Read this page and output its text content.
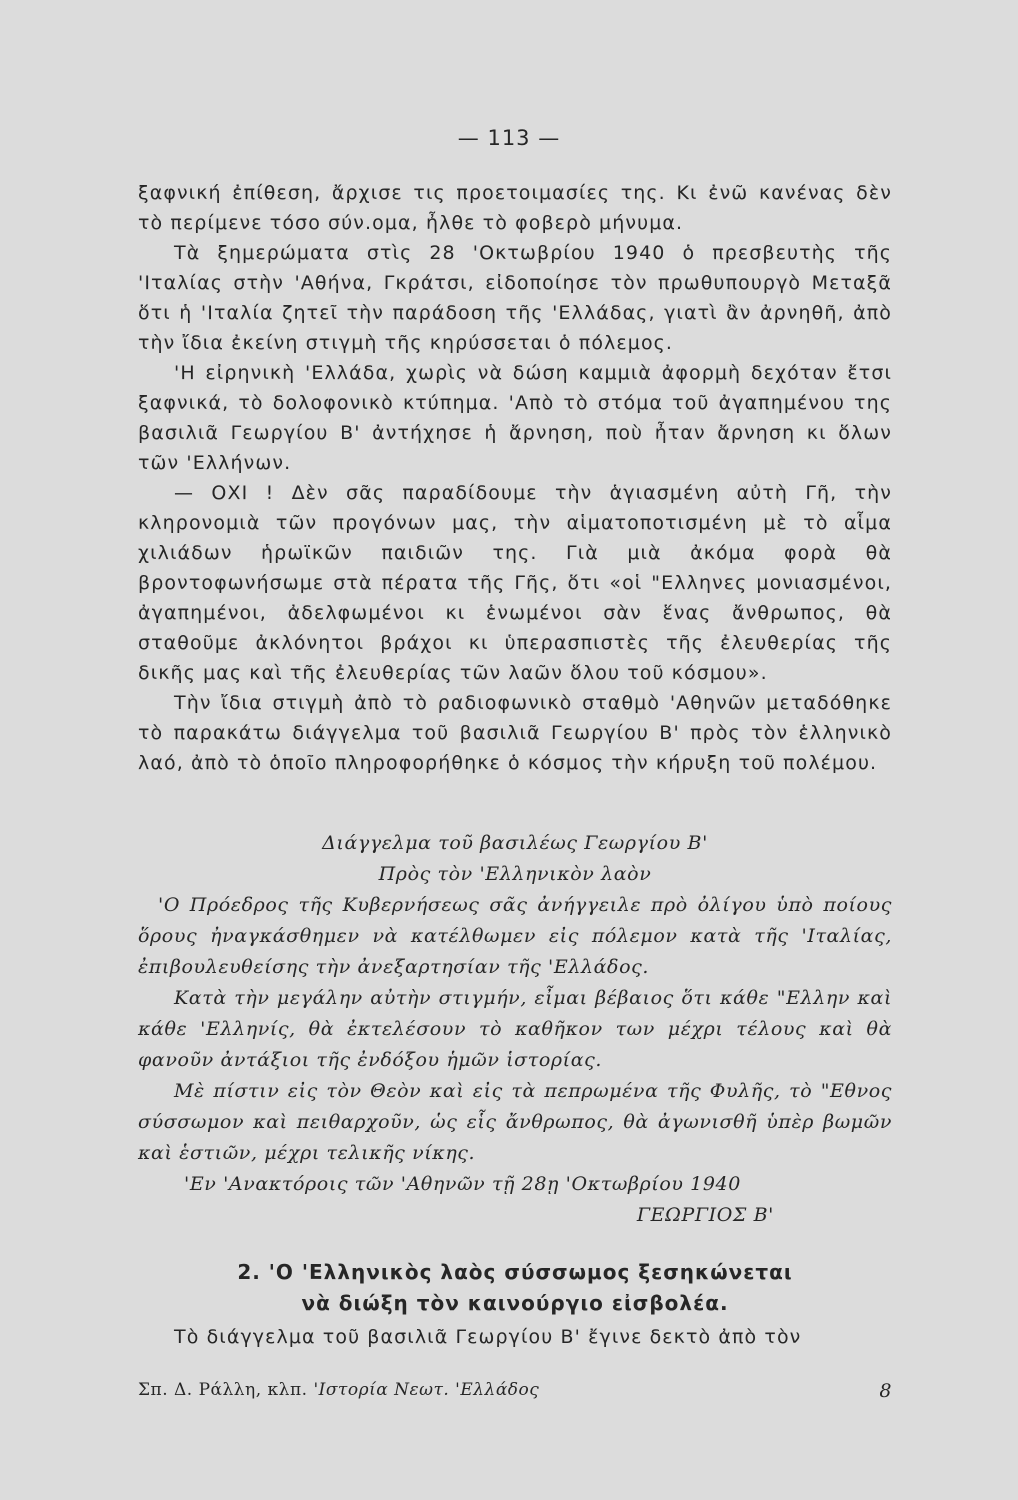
— 113 —

ξαφνική ἐπίθεση, ἄρχισε τις προετοιμασίες της. Κι ἐνῶ κανένας δὲν τὸ περίμενε τόσο σύν.ομα, ἦλθε τὸ φοβερὸ μήνυμα.

Τὰ ξημερώματα στὶς 28 'Οκτωβρίου 1940 ὁ πρεσβευτὴς τῆς 'Ιταλίας στὴν 'Αθήνα, Γκράτσι, εἰδοποίησε τὸν πρωθυπουργὸ Μεταξᾶ ὅτι ἡ 'Ιταλία ζητεῖ τὴν παράδοση τῆς 'Ελλάδας, γιατὶ ἂν ἀρνηθῆ, ἀπὸ τὴν ἴδια ἐκείνη στιγμὴ τῆς κηρύσσεται ὁ πόλεμος.

'Η εἰρηνικὴ 'Ελλάδα, χωρὶς νὰ δώση καμμιὰ ἀφορμὴ δεχόταν ἔτσι ξαφνικά, τὸ δολοφονικὸ κτύπημα. 'Απὸ τὸ στόμα τοῦ ἀγαπημένου της βασιλιᾶ Γεωργίου Β' ἀντήχησε ἡ ἄρνηση, ποὺ ἦταν ἄρνηση κι ὅλων τῶν 'Ελλήνων.

— ΟΧΙ ! Δὲν σᾶς παραδίδουμε τὴν ἁγιασμένη αὐτὴ Γῆ, τὴν κληρονομιὰ τῶν προγόνων μας, τὴν αἱματοποτισμένη μὲ τὸ αἷμα χιλιάδων ἡρωϊκῶν παιδιῶν της. Γιὰ μιὰ ἀκόμα φορὰ θὰ βροντοφωνήσωμε στὰ πέρατα τῆς Γῆς, ὅτι «οἱ "Ελληνες μονιασμένοι, ἀγαπημένοι, ἀδελφωμένοι κι ἑνωμένοι σὰν ἕνας ἄνθρωπος, θὰ σταθοῦμε ἀκλόνητοι βράχοι κι ὑπερασπιστὲς τῆς ἐλευθερίας τῆς δικῆς μας καὶ τῆς ἐλευθερίας τῶν λαῶν ὅλου τοῦ κόσμου».

Τὴν ἴδια στιγμὴ ἀπὸ τὸ ραδιοφωνικὸ σταθμὸ 'Αθηνῶν μεταδόθηκε τὸ παρακάτω διάγγελμα τοῦ βασιλιᾶ Γεωργίου Β' πρὸς τὸν ἑλληνικὸ λαό, ἀπὸ τὸ ὁποῖο πληροφορήθηκε ὁ κόσμος τὴν κήρυξη τοῦ πολέμου.

Διάγγελμα τοῦ βασιλέως Γεωργίου Β'

Πρὸς τὸν 'Ελληνικὸν λαὸν

'Ο Πρόεδρος τῆς Κυβερνήσεως σᾶς ἀνήγγειλε πρὸ ὀλίγου ὑπὸ ποίους ὅρους ἠναγκάσθημεν νὰ κατέλθωμεν εἰς πόλεμον κατὰ τῆς 'Ιταλίας, ἐπιβουλευθείσης τὴν ἀνεξαρτησίαν τῆς 'Ελλάδος.

Κατὰ τὴν μεγάλην αὐτὴν στιγμήν, εἶμαι βέβαιος ὅτι κάθε "Ελλην καὶ κάθε 'Ελληνίς, θὰ ἐκτελέσουν τὸ καθῆκον των μέχρι τέλους καὶ θὰ φανοῦν ἀντάξιοι τῆς ἐνδόξου ἡμῶν ἱστορίας.

Μὲ πίστιν εἰς τὸν Θεὸν καὶ εἰς τὰ πεπρωμένα τῆς Φυλῆς, τὸ "Εθνος σύσσωμον καὶ πειθαρχοῦν, ὡς εἷς ἄνθρωπος, θὰ ἀγωνισθῆ ὑπὲρ βωμῶν καὶ ἑστιῶν, μέχρι τελικῆς νίκης.

'Εν 'Ανακτόροις τῶν 'Αθηνῶν τῇ 28ῃ 'Οκτωβρίου 1940

ΓΕΩΡΓΙΟΣ Β'

2. 'Ο 'Ελληνικὸς λαὸς σύσσωμος ξεσηκώνεται
νὰ διώξη τὸν καινούργιο εἰσβολέα.

Τὸ διάγγελμα τοῦ βασιλιᾶ Γεωργίου Β' ἔγινε δεκτὸ ἀπὸ τὸν

Σπ. Δ. Ράλλη, κλπ. 'Ιστορία Νεωτ. 'Ελλάδος	8
